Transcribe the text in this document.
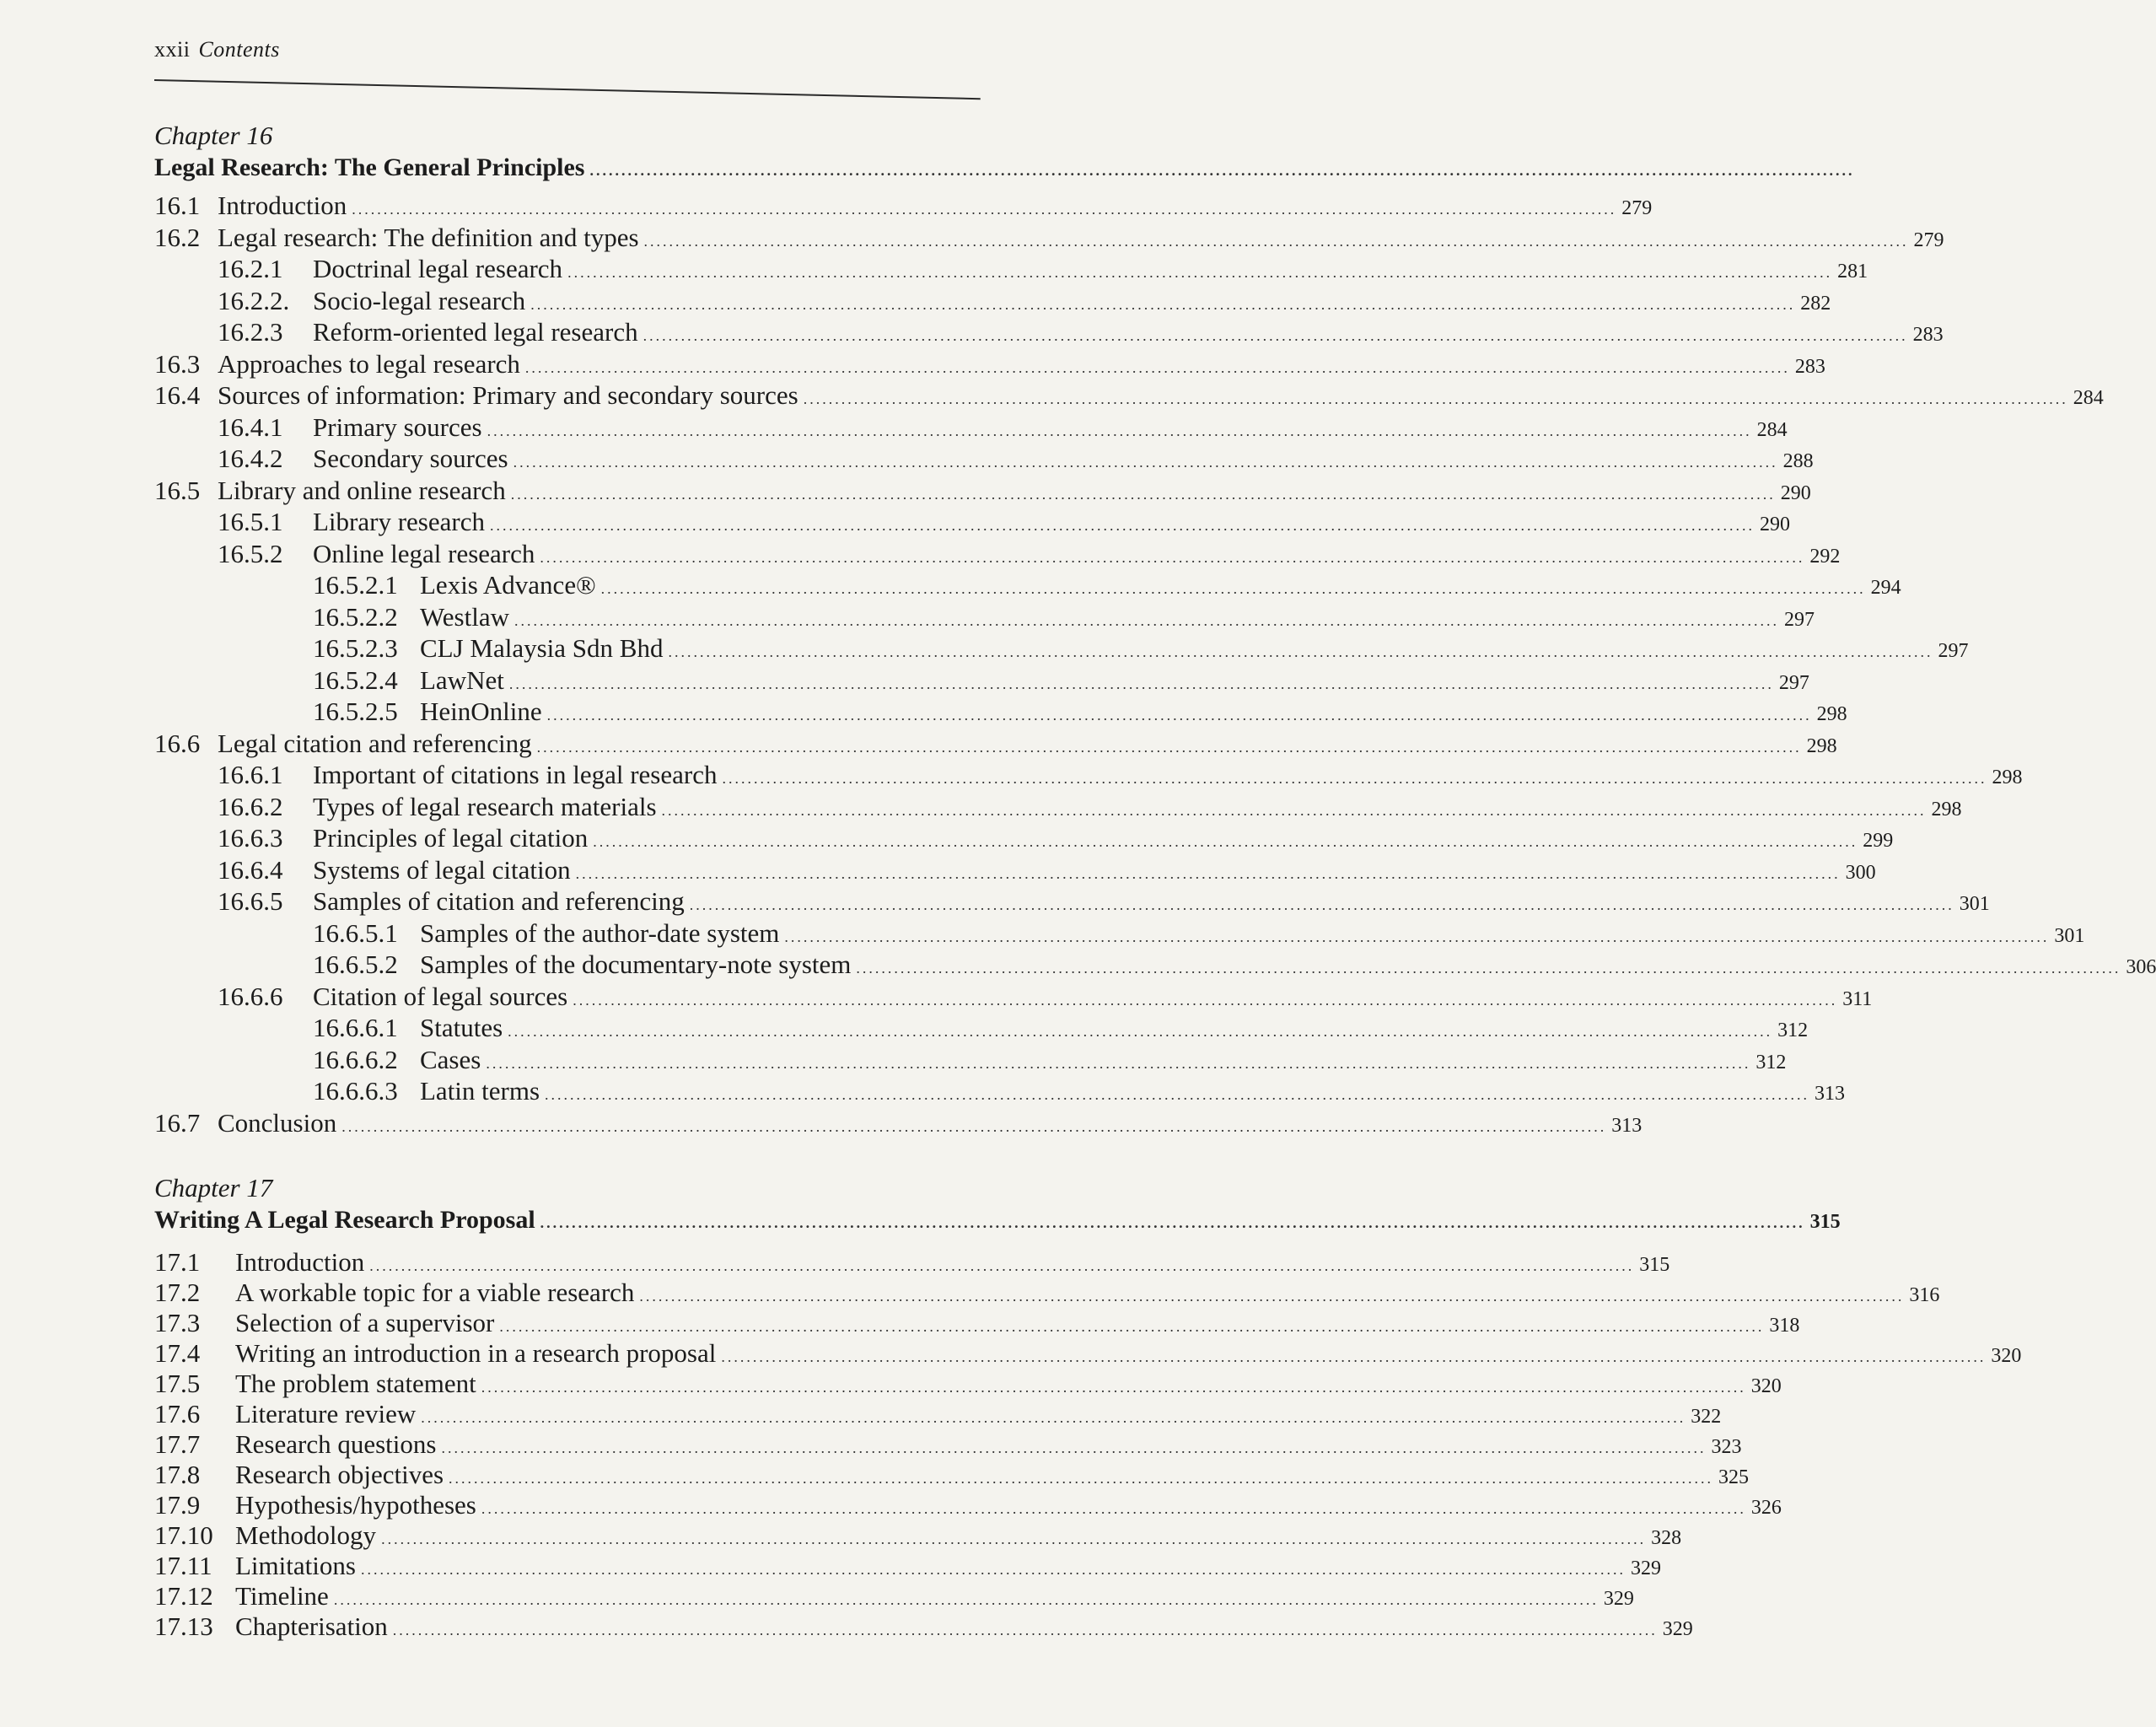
xxii Contents
Chapter 16
Legal Research: The General Principles ........................................................................................................................................................................................................
16.1 Introduction ........................................................................................................................................................................................................ 279
16.2 Legal research: The definition and types ........................................................................................................................................................................................................ 279
16.2.1	Doctrinal legal research ........................................................................................................................................................................................................ 281
16.2.2. Socio-legal research ........................................................................................................................................................................................................ 282
16.2.3	Reform-oriented legal research ........................................................................................................................................................................................................ 283
16.3 Approaches to legal research ........................................................................................................................................................................................................ 283
16.4 Sources of information: Primary and secondary sources ........................................................................................................................................................................................................ 284
16.4.1	Primary sources ........................................................................................................................................................................................................ 284
16.4.2	Secondary sources ........................................................................................................................................................................................................ 288
16.5 Library and online research ........................................................................................................................................................................................................ 290
16.5.1	Library research ........................................................................................................................................................................................................ 290
16.5.2	Online legal research ........................................................................................................................................................................................................ 292
16.5.2.1 Lexis Advance® ........................................................................................................................................................................................................ 294
16.5.2.2 Westlaw ........................................................................................................................................................................................................ 297
16.5.2.3 CLJ Malaysia Sdn Bhd ........................................................................................................................................................................................................ 297
16.5.2.4 LawNet ........................................................................................................................................................................................................ 297
16.5.2.5 HeinOnline ........................................................................................................................................................................................................ 298
16.6 Legal citation and referencing ........................................................................................................................................................................................................ 298
16.6.1	Important of citations in legal research ........................................................................................................................................................................................................ 298
16.6.2	Types of legal research materials ........................................................................................................................................................................................................ 298
16.6.3	Principles of legal citation ........................................................................................................................................................................................................ 299
16.6.4	Systems of legal citation ........................................................................................................................................................................................................ 300
16.6.5	Samples of citation and referencing ........................................................................................................................................................................................................ 301
16.6.5.1 Samples of the author-date system ........................................................................................................................................................................................................ 301
16.6.5.2 Samples of the documentary-note system ........................................................................................................................................................................................................ 306
16.6.6	Citation of legal sources ........................................................................................................................................................................................................ 311
16.6.6.1 Statutes ........................................................................................................................................................................................................ 312
16.6.6.2 Cases ........................................................................................................................................................................................................ 312
16.6.6.3 Latin terms ........................................................................................................................................................................................................ 313
16.7 Conclusion ........................................................................................................................................................................................................ 313
Chapter 17
Writing A Legal Research Proposal ........................................................................................................................................................................................................ 315
17.1	Introduction ........................................................................................................................................................................................................ 315
17.2	A workable topic for a viable research ........................................................................................................................................................................................................ 316
17.3	Selection of a supervisor ........................................................................................................................................................................................................ 318
17.4	Writing an introduction in a research proposal ........................................................................................................................................................................................................ 320
17.5	The problem statement ........................................................................................................................................................................................................ 320
17.6	Literature review ........................................................................................................................................................................................................ 322
17.7	Research questions ........................................................................................................................................................................................................ 323
17.8	Research objectives ........................................................................................................................................................................................................ 325
17.9	Hypothesis/hypotheses ........................................................................................................................................................................................................ 326
17.10 Methodology ........................................................................................................................................................................................................ 328
17.11 Limitations ........................................................................................................................................................................................................ 329
17.12 Timeline ........................................................................................................................................................................................................ 329
17.13 Chapterisation ........................................................................................................................................................................................................ 329
